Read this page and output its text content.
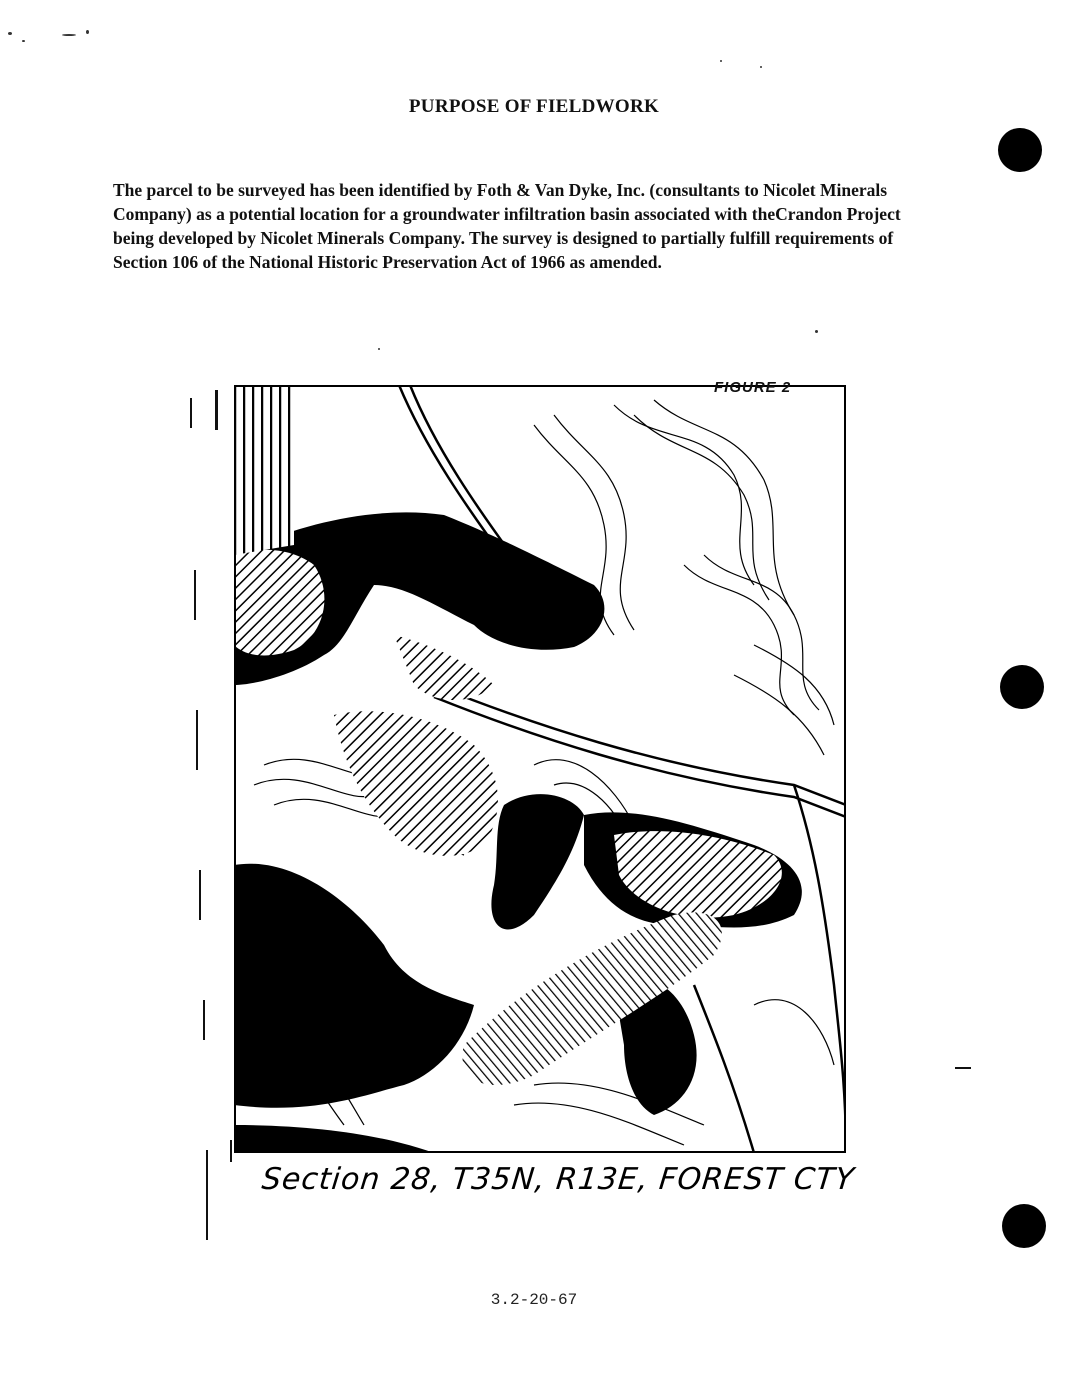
PURPOSE OF FIELDWORK
The parcel to be surveyed has been identified by Foth & Van Dyke, Inc. (consultants to Nicolet Minerals Company) as a potential location for a groundwater infiltration basin associated with theCrandon Project being developed by Nicolet Minerals Company. The survey is designed to partially fulfill requirements of Section 106 of the National Historic Preservation Act of 1966 as amended.
FIGURE 2
Section 28, T35N, R13E, FOREST CTY
3.2-20-67
